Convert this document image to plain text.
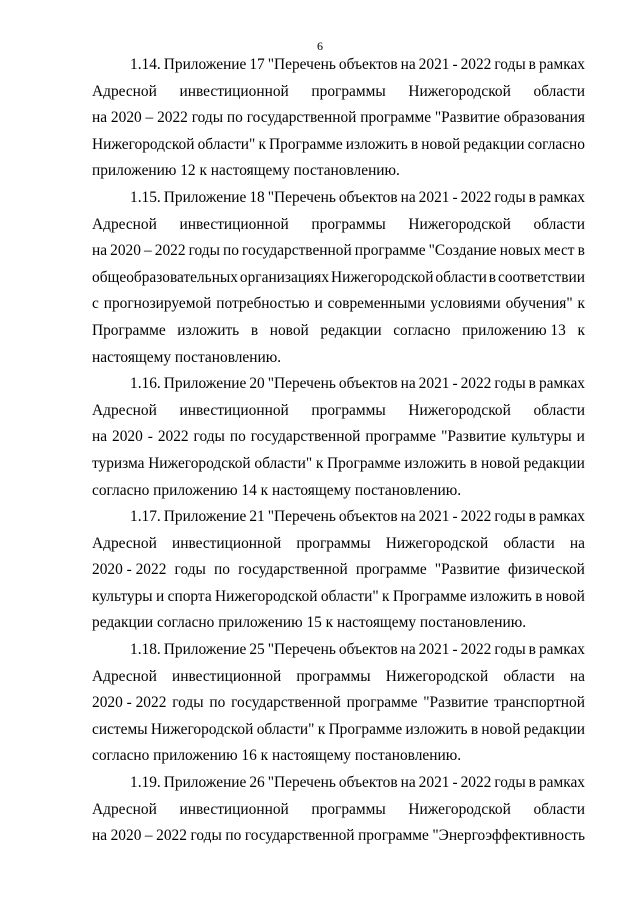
6
1.14. Приложение 17 "Перечень объектов на 2021 - 2022 годы в рамках
Адресной инвестиционной программы Нижегородской области
на 2020 – 2022 годы по государственной программе "Развитие образования
Нижегородской области" к Программе изложить в новой редакции согласно
приложению 12 к настоящему постановлению.
1.15. Приложение 18 "Перечень объектов на 2021 - 2022 годы в рамках
Адресной инвестиционной программы Нижегородской области
на 2020 – 2022 годы по государственной программе "Создание новых мест в
общеобразовательных организациях Нижегородской области в соответствии
с прогнозируемой потребностью и современными условиями обучения" к
Программе изложить в новой редакции согласно приложению 13 к
настоящему постановлению.
1.16. Приложение 20 "Перечень объектов на 2021 - 2022 годы в рамках
Адресной инвестиционной программы Нижегородской области
на 2020 - 2022 годы по государственной программе "Развитие культуры и
туризма Нижегородской области" к Программе изложить в новой редакции
согласно приложению 14 к настоящему постановлению.
1.17. Приложение 21 "Перечень объектов на 2021 - 2022 годы в рамках
Адресной инвестиционной программы Нижегородской области на
2020 - 2022 годы по государственной программе "Развитие физической
культуры и спорта Нижегородской области" к Программе изложить в новой
редакции согласно приложению 15 к настоящему постановлению.
1.18. Приложение 25 "Перечень объектов на 2021 - 2022 годы в рамках
Адресной инвестиционной программы Нижегородской области на
2020 - 2022 годы по государственной программе "Развитие транспортной
системы Нижегородской области" к Программе изложить в новой редакции
согласно приложению 16 к настоящему постановлению.
1.19. Приложение 26 "Перечень объектов на 2021 - 2022 годы в рамках
Адресной инвестиционной программы Нижегородской области
на 2020 – 2022 годы по государственной программе "Энергоэффективность
